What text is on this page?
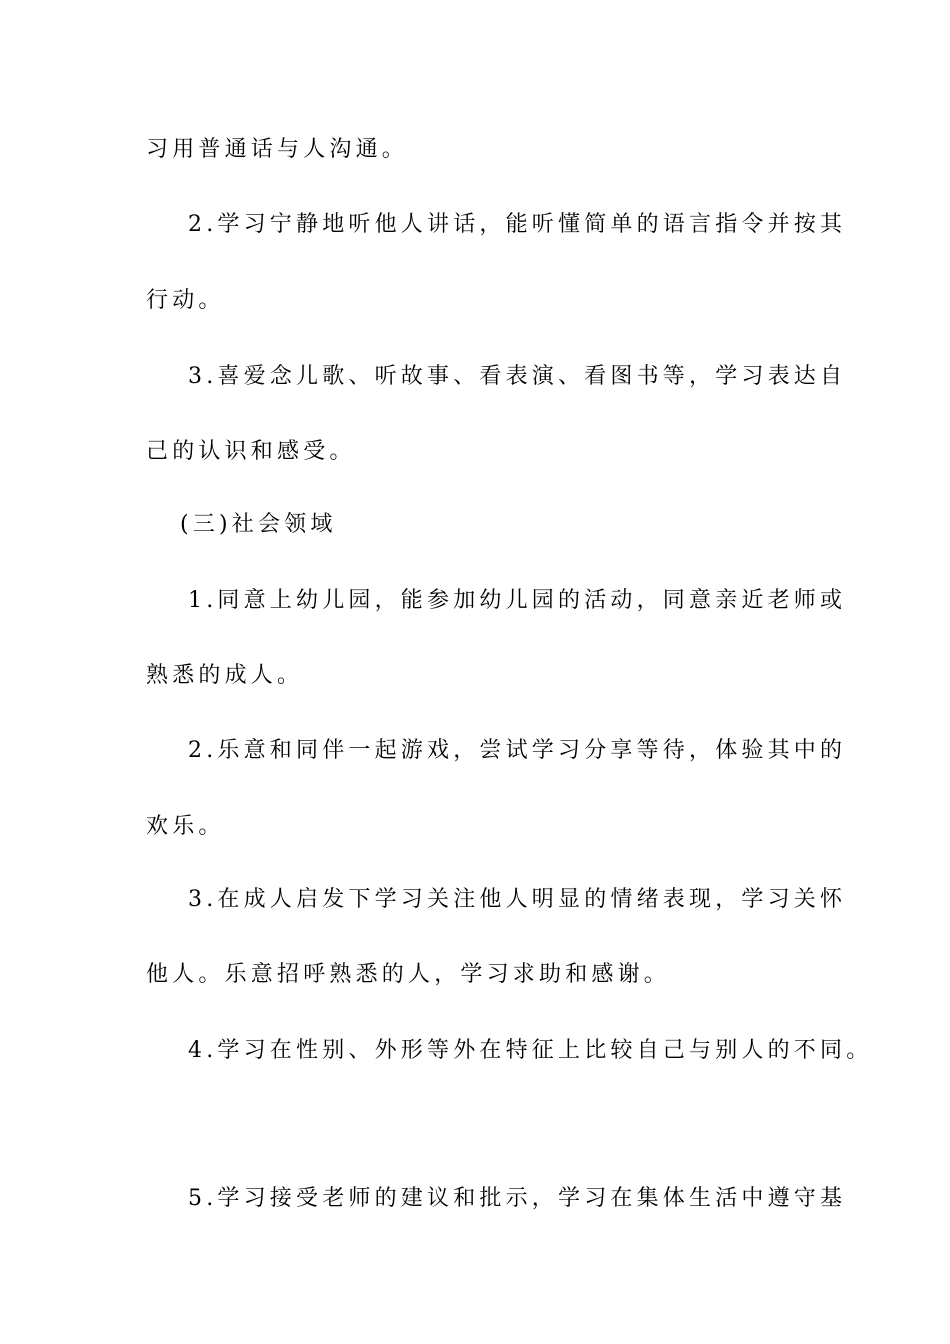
习用普通话与人沟通。
2.学习宁静地听他人讲话，能听懂简单的语言指令并按其
行动。
3.喜爱念儿歌、听故事、看表演、看图书等，学习表达自
己的认识和感受。
(三)社会领域
1.同意上幼儿园，能参加幼儿园的活动，同意亲近老师或
熟悉的成人。
2.乐意和同伴一起游戏，尝试学习分享等待，体验其中的
欢乐。
3.在成人启发下学习关注他人明显的情绪表现，学习关怀
他人。乐意招呼熟悉的人，学习求助和感谢。
4.学习在性别、外形等外在特征上比较自己与别人的不同。
5.学习接受老师的建议和批示，学习在集体生活中遵守基
